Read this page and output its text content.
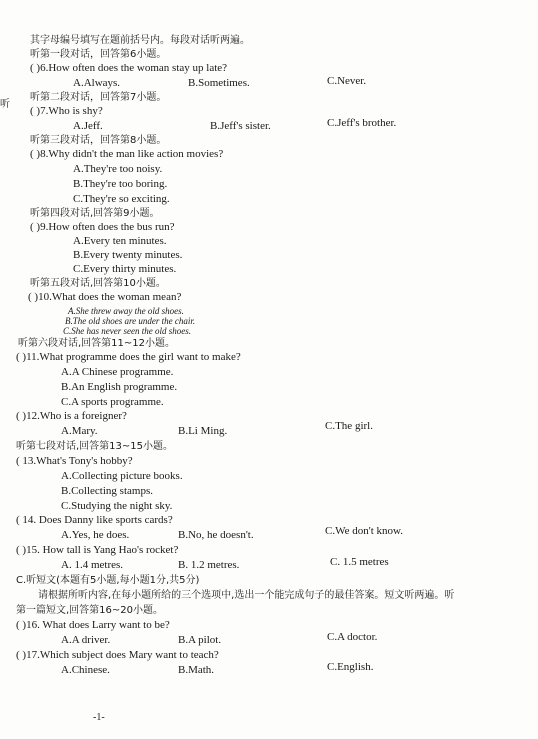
其字母编号填写在题前括号内。每段对话听两遍。
听第一段对话，回答第6小题。
( )6.How often does the woman stay up late?
A.Always.	B.Sometimes.	C.Never.
听第二段对话，回答第7小题。
( )7.Who is shy?
A.Jeff.	B.Jeff's sister.	C.Jeff's brother.
听第三段对话，回答第8小题。
( )8.Why didn't the man like action movies?
A.They're too noisy.
B.They're too boring.
C.They're so exciting.
听第四段对话,回答第9小题。
( )9.How often does the bus run?
A.Every ten minutes.
B.Every twenty minutes.
C.Every thirty minutes.
听第五段对话,回答第10小题。
( )10.What does the woman mean?
A.She threw away the old shoes.
B.The old shoes are under the chair.
C.She has never seen the old shoes.
听第六段对话,回答第11~12小题。
( )11.What programme does the girl want to make?
A.A Chinese programme.
B.An English programme.
C.A sports programme.
( )12.Who is a foreigner?
A.Mary.	B.Li Ming.	C.The girl.
听第七段对话,回答第13~15小题。
( 13.What's Tony's hobby?
A.Collecting picture books.
B.Collecting stamps.
C.Studying the night sky.
( 14. Does Danny like sports cards?
A.Yes, he does.	B.No, he doesn't.	C.We don't know.
( )15. How tall is Yang Hao's rocket?
A. 1.4 metres.	B. 1.2 metres.	C. 1.5 metres
C.听短文(本题有5小题,每小题1分,共5分)
请根据所听内容,在每小题所给的三个选项中,选出一个能完成句子的最佳答案。短文听两遍。听
第一篇短文,回答第16~20小题。
( )16. What does Larry want to be?
A.A driver.	B.A pilot.	C.A doctor.
( )17.Which subject does Mary want to teach?
A.Chinese.	B.Math.	C.English.
听
-1-
